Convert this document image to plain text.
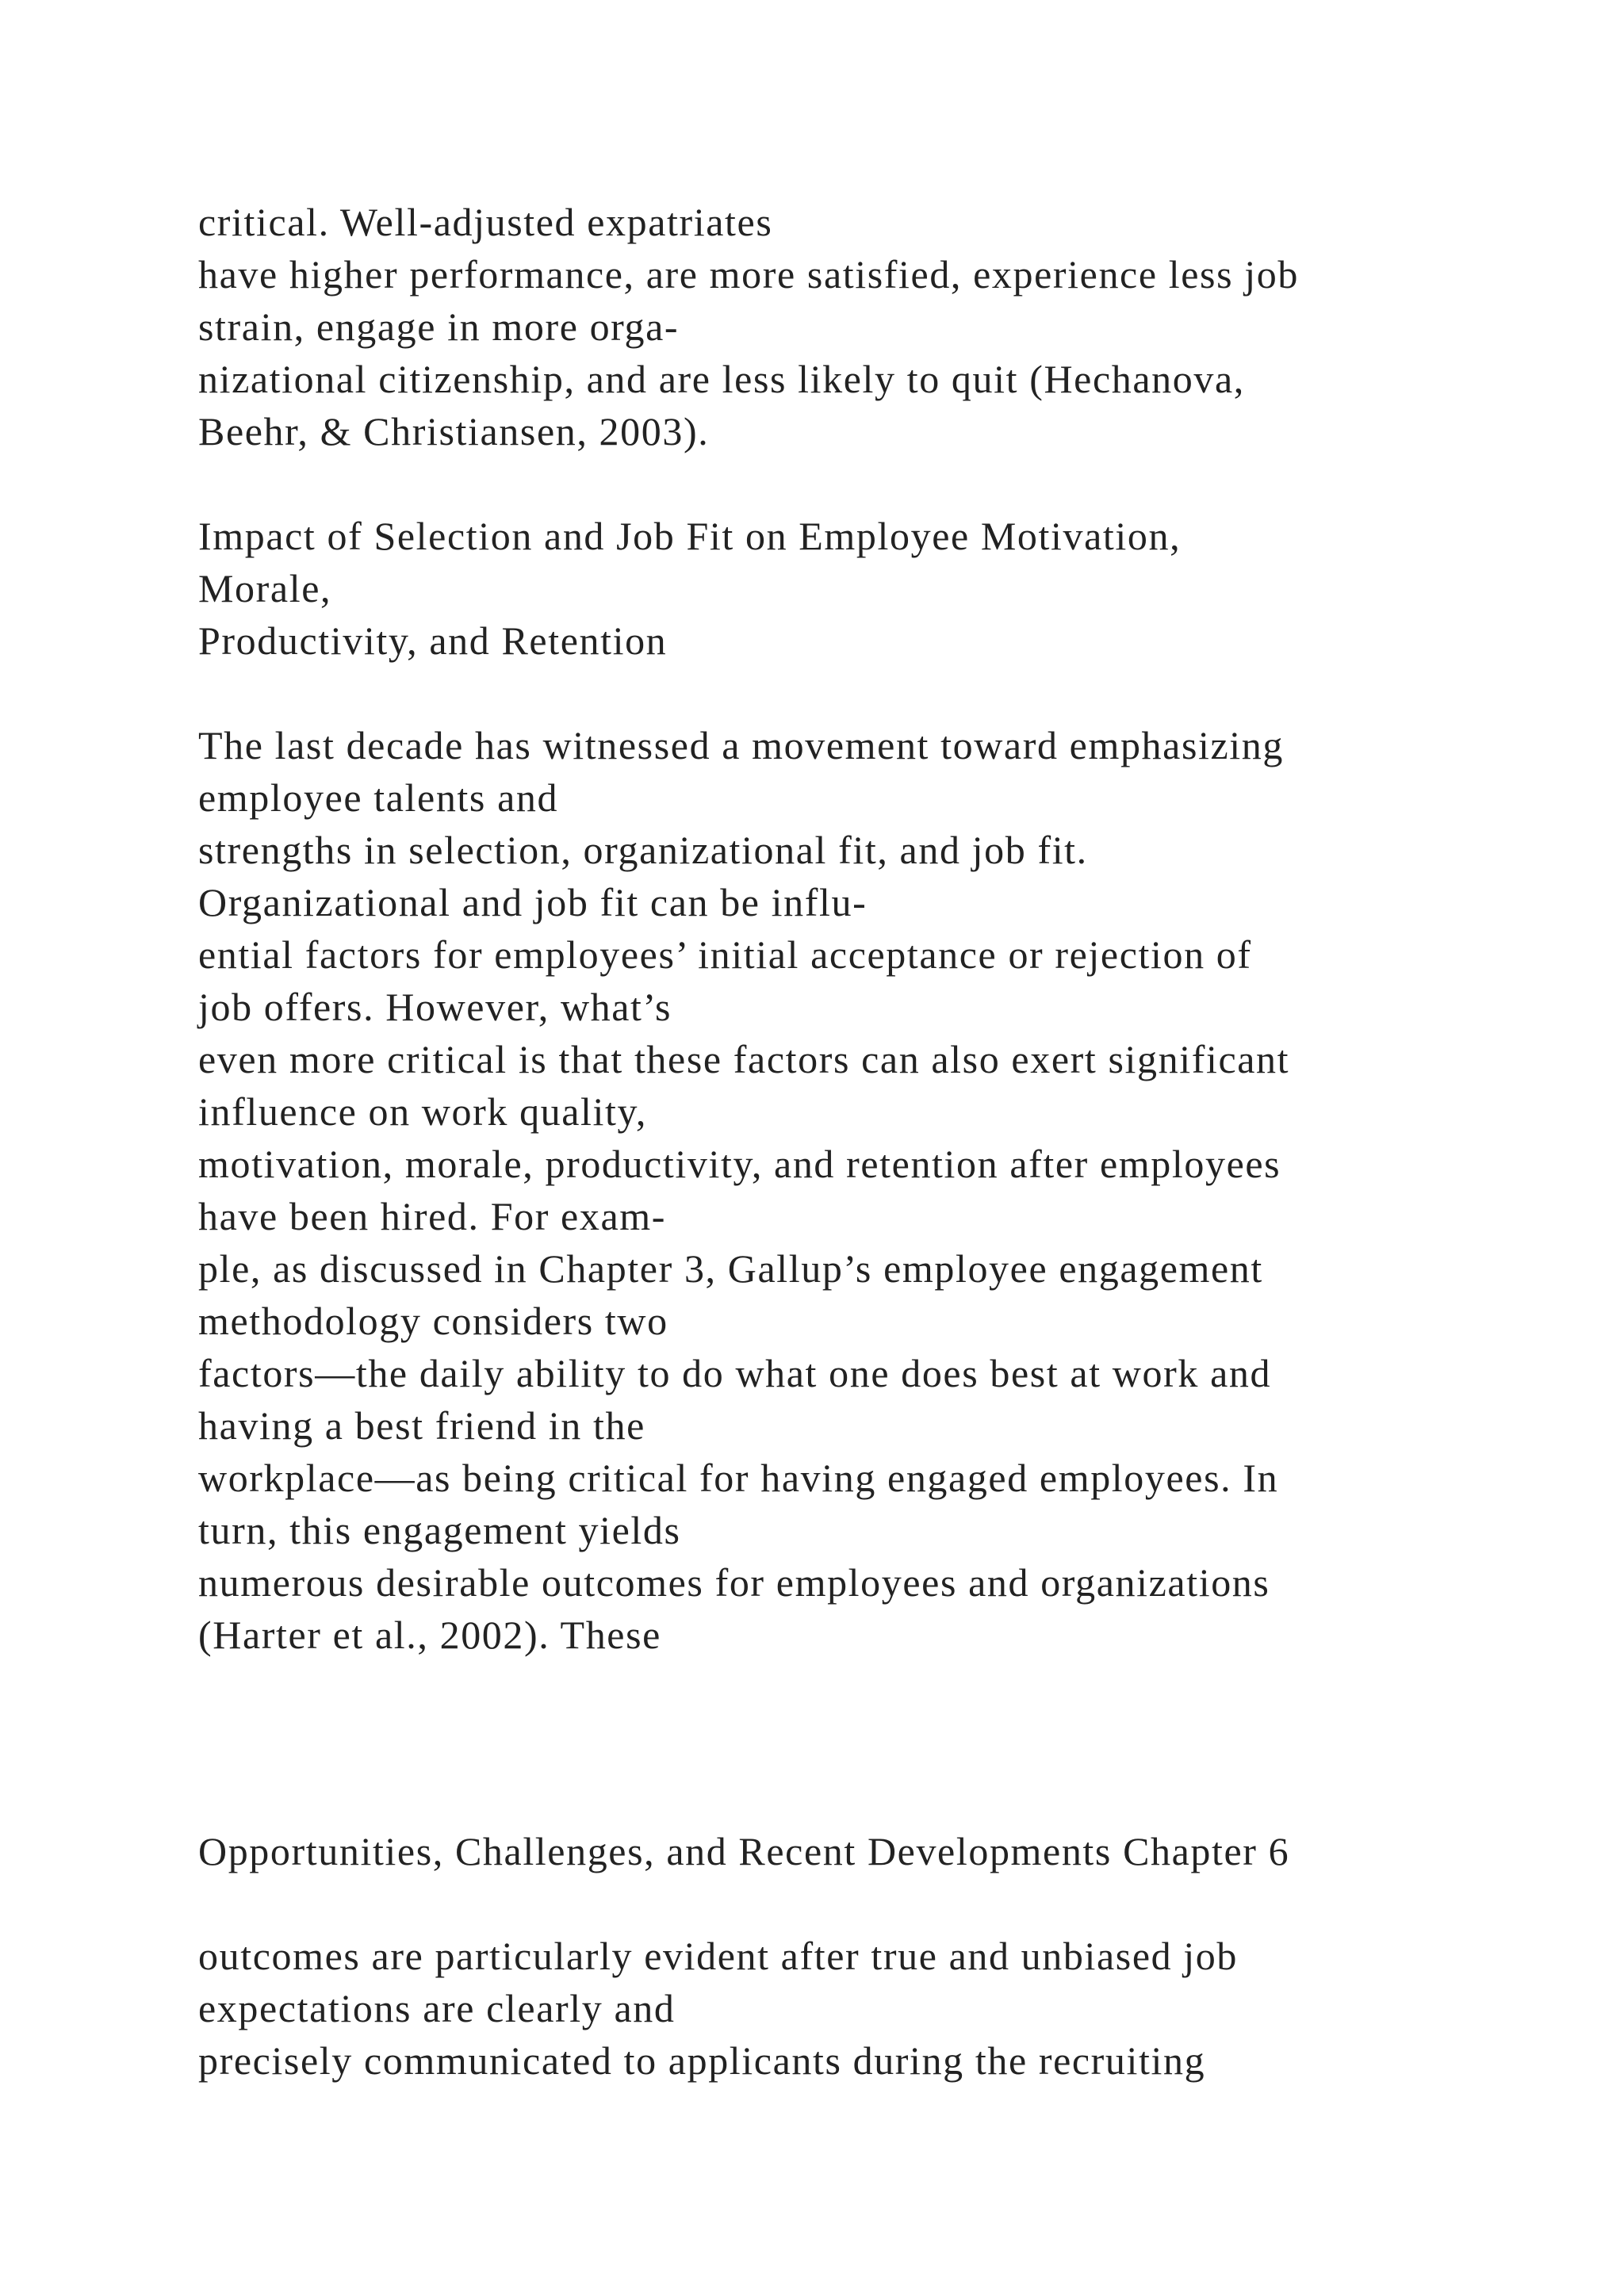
critical. Well-adjusted expatriates
have higher performance, are more satisfied, experience less job
strain, engage in more orga-
nizational citizenship, and are less likely to quit (Hechanova,
Beehr, & Christiansen, 2003).

Impact of Selection and Job Fit on Employee Motivation,
Morale,
Productivity, and Retention

The last decade has witnessed a movement toward emphasizing
employee talents and
strengths in selection, organizational fit, and job fit.
Organizational and job fit can be influ-
ential factors for employees’ initial acceptance or rejection of
job offers. However, what’s
even more critical is that these factors can also exert significant
influence on work quality,
motivation, morale, productivity, and retention after employees
have been hired. For exam-
ple, as discussed in Chapter 3, Gallup’s employee engagement
methodology considers two
factors—the daily ability to do what one does best at work and
having a best friend in the
workplace—as being critical for having engaged employees. In
turn, this engagement yields
numerous desirable outcomes for employees and organizations
(Harter et al., 2002). These

Opportunities, Challenges, and Recent Developments Chapter 6

outcomes are particularly evident after true and unbiased job
expectations are clearly and
precisely communicated to applicants during the recruiting
